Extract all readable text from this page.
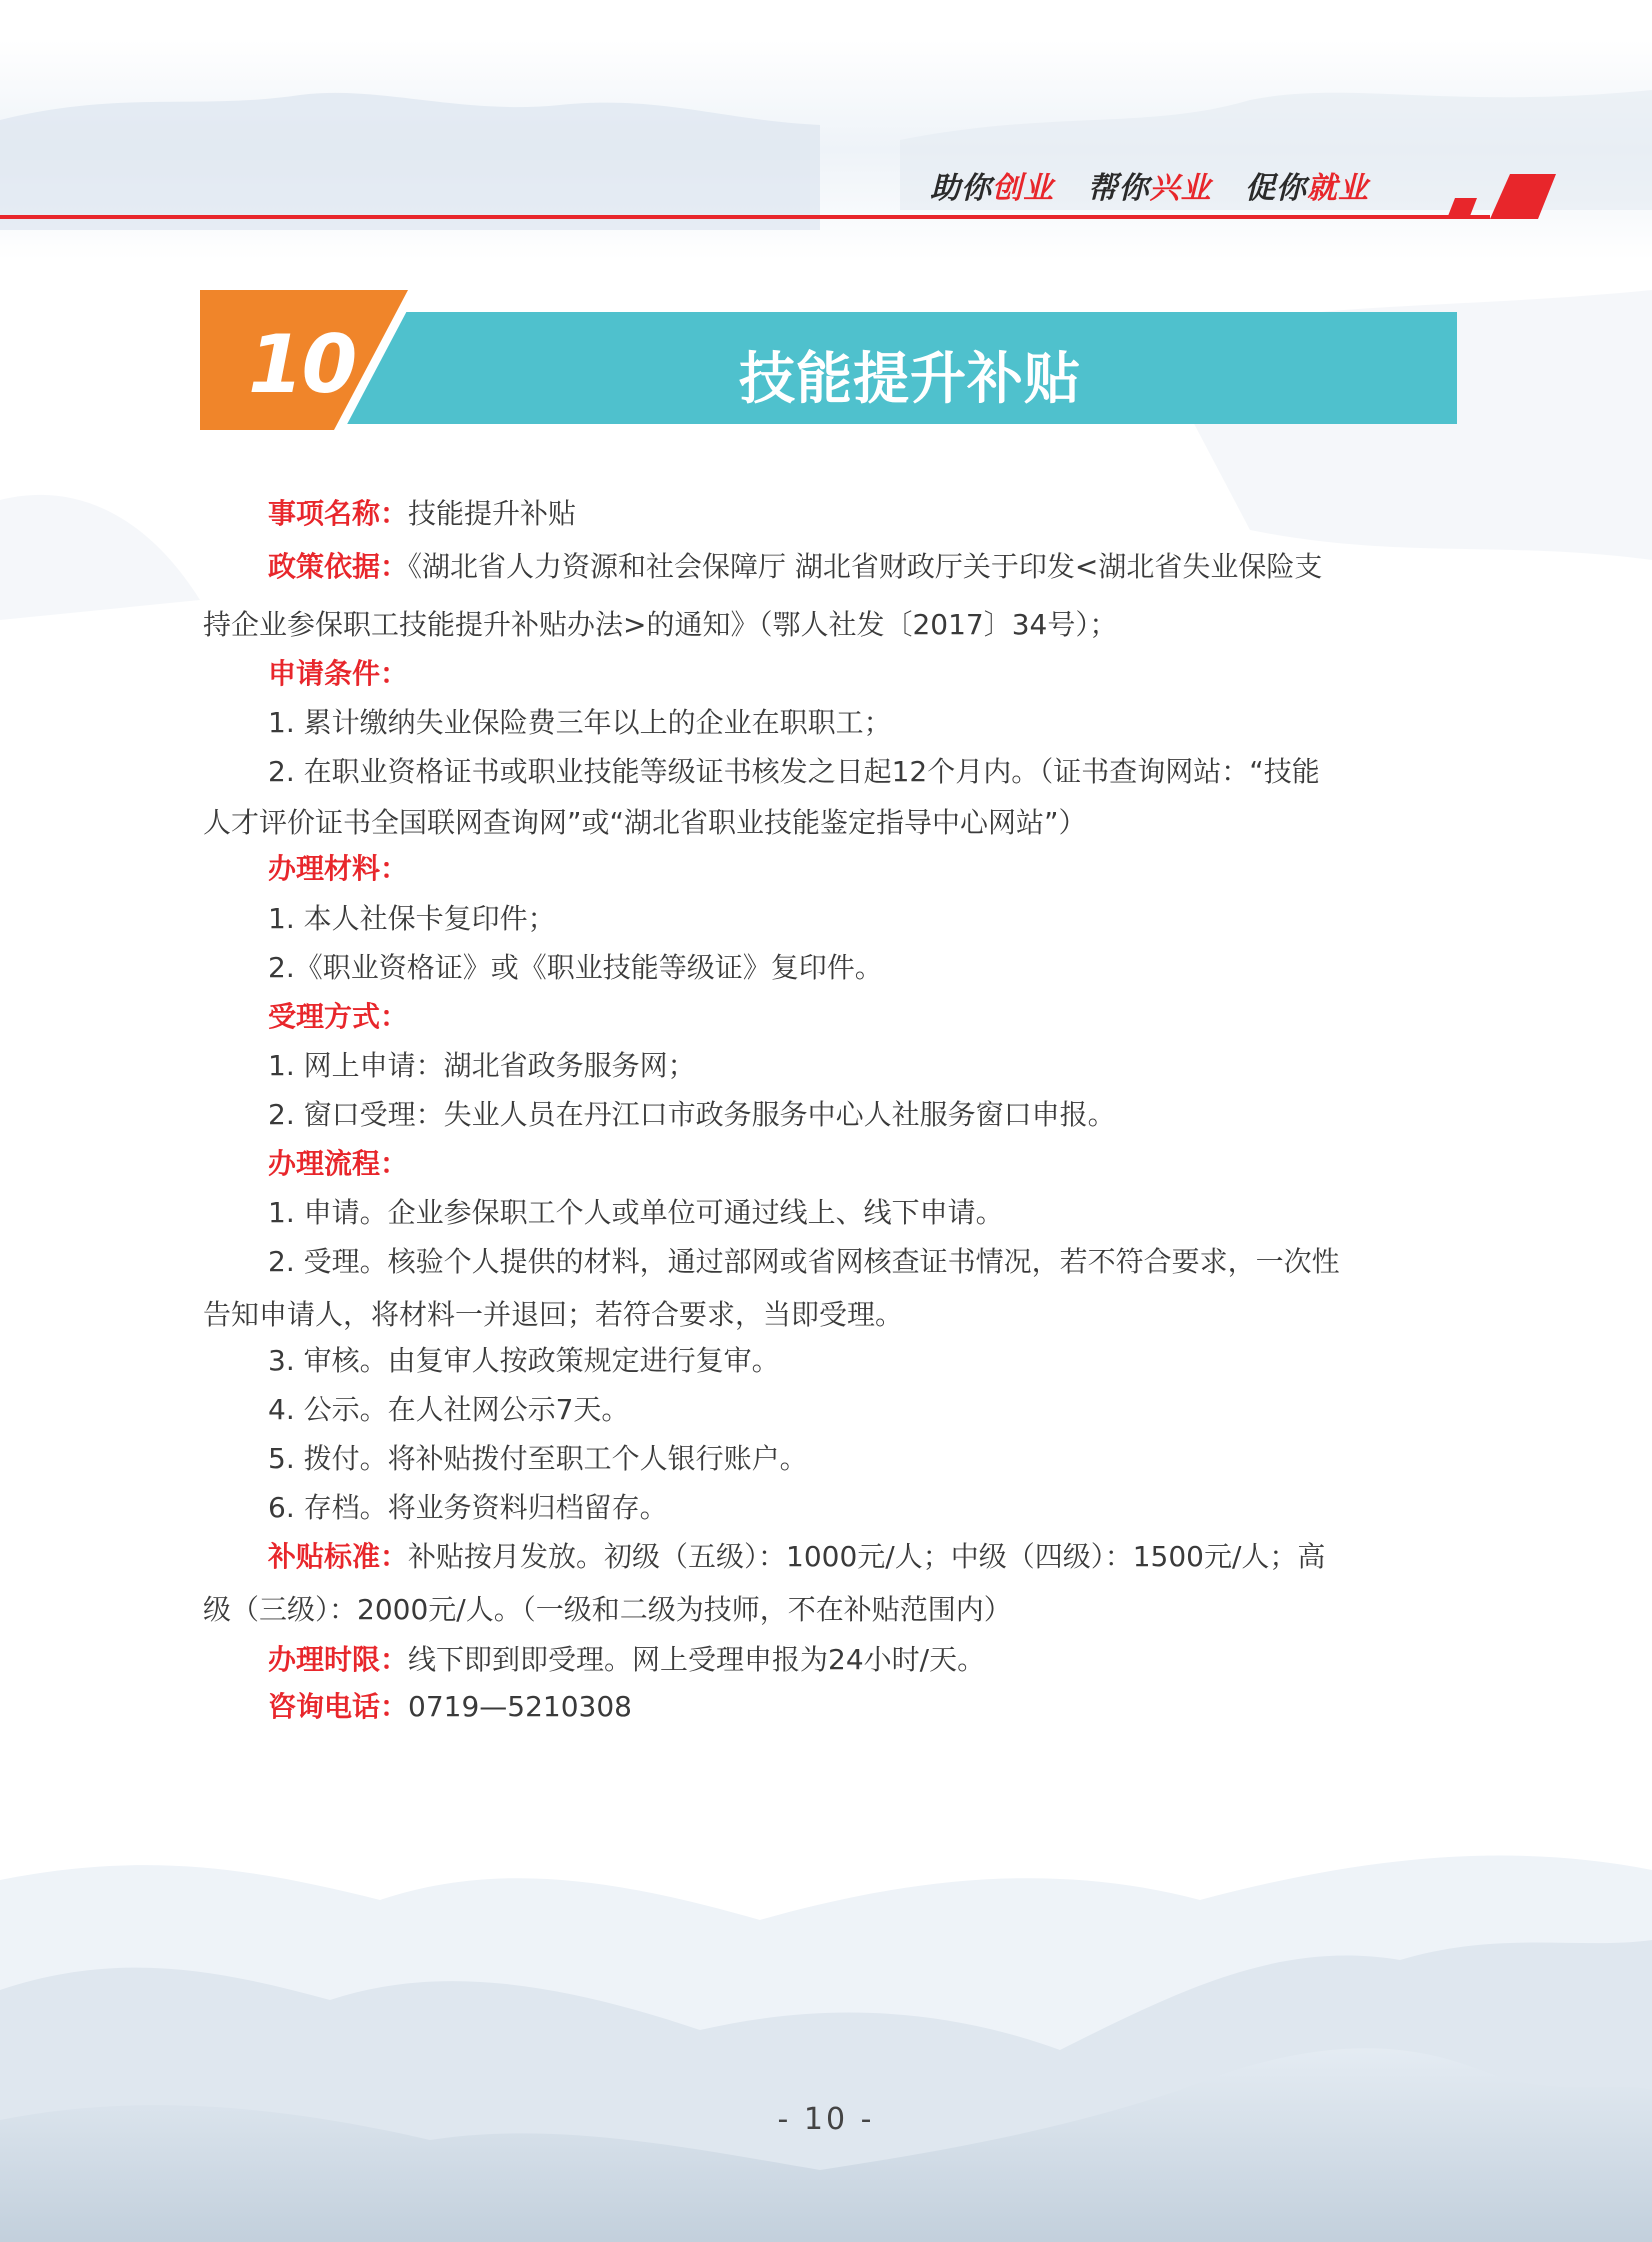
助你创业 帮你兴业 促你就业
10	技能提升补贴
事项名称：技能提升补贴
政策依据：《湖北省人力资源和社会保障厅 湖北省财政厅关于印发<湖北省失业保险支
持企业参保职工技能提升补贴办法>的通知》（鄂人社发〔2017〕34号）；
申请条件：
1. 累计缴纳失业保险费三年以上的企业在职职工；
2. 在职业资格证书或职业技能等级证书核发之日起12个月内。（证书查询网站：“技能
人才评价证书全国联网查询网”或“湖北省职业技能鉴定指导中心网站”）
办理材料：
1. 本人社保卡复印件；
2.《职业资格证》或《职业技能等级证》复印件。
受理方式：
1. 网上申请：湖北省政务服务网；
2. 窗口受理：失业人员在丹江口市政务服务中心人社服务窗口申报。
办理流程：
1. 申请。企业参保职工个人或单位可通过线上、线下申请。
2. 受理。核验个人提供的材料，通过部网或省网核查证书情况，若不符合要求，一次性
告知申请人，将材料一并退回；若符合要求，当即受理。
3. 审核。由复审人按政策规定进行复审。
4. 公示。在人社网公示7天。
5. 拨付。将补贴拨付至职工个人银行账户。
6. 存档。将业务资料归档留存。
补贴标准：补贴按月发放。初级（五级）：1000元/人；中级（四级）：1500元/人；高
级（三级）：2000元/人。（一级和二级为技师，不在补贴范围内）
办理时限：线下即到即受理。网上受理申报为24小时/天。
咨询电话：0719—5210308
- 10 -
